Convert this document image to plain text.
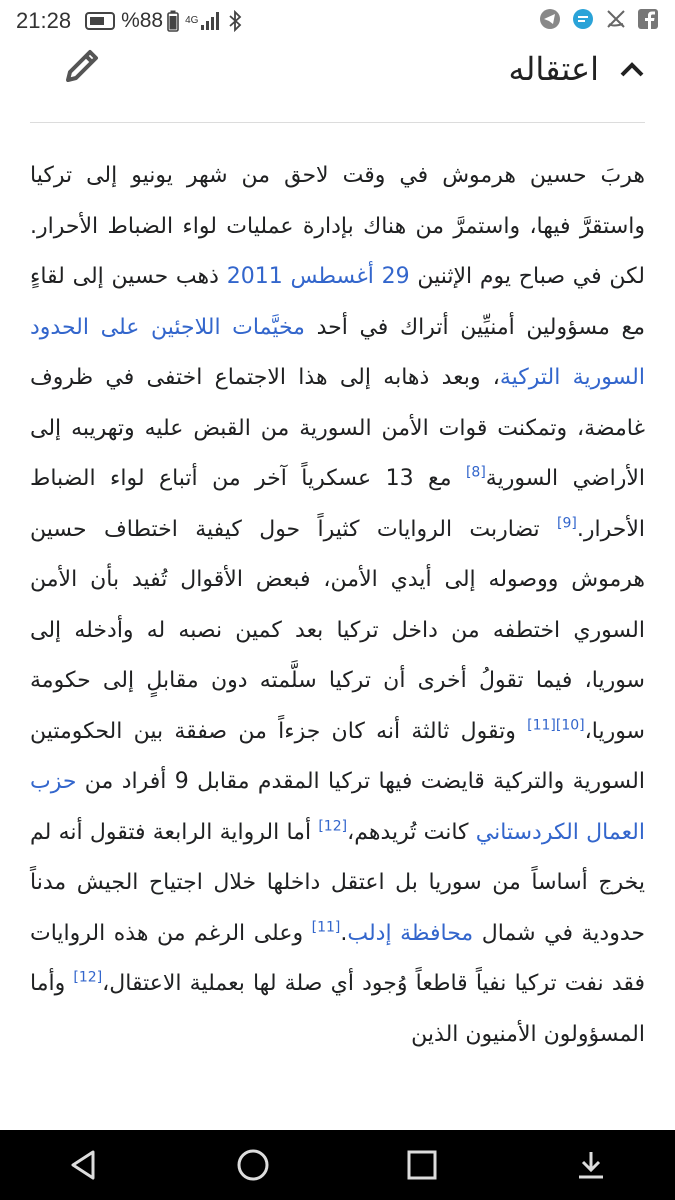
21:28 %88 4G
اعتقاله
هربَ حسين هرموش في وقت لاحق من شهر يونيو إلى تركيا واستقرَّ فيها، واستمرَّ من هناك بإدارة عمليات لواء الضباط الأحرار. لكن في صباح يوم الإثنين 29 أغسطس 2011 ذهب حسين إلى لقاءٍ مع مسؤولين أمنيِّين أتراك في أحد مخيَّمات اللاجئين على الحدود السورية التركية، وبعد ذهابه إلى هذا الاجتماع اختفى في ظروف غامضة، وتمكنت قوات الأمن السورية من القبض عليه وتهريبه إلى الأراضي السورية[8] مع 13 عسكرياً آخر من أتباع لواء الضباط الأحرار.[9] تضاربت الروايات كثيراً حول كيفية اختطاف حسين هرموش ووصوله إلى أيدي الأمن، فبعض الأقوال تُفيد بأن الأمن السوري اختطفه من داخل تركيا بعد كمين نصبه له وأدخله إلى سوريا، فيما تقولُ أخرى أن تركيا سلَّمته دون مقابلٍ إلى حكومة سوريا،[10][11] وتقول ثالثة أنه كان جزءاً من صفقة بين الحكومتين السورية والتركية قايضت فيها تركيا المقدم مقابل 9 أفراد من حزب العمال الكردستاني كانت تُريدهم،[12] أما الرواية الرابعة فتقول أنه لم يخرج أساساً من سوريا بل اعتقل داخلها خلال اجتياح الجيش مدناً حدودية في شمال محافظة إدلب.[11] وعلى الرغم من هذه الروايات فقد نفت تركيا نفياً قاطعاً وُجود أي صلة لها بعملية الاعتقال،[12] وأما المسؤولون الأمنيون الذين
